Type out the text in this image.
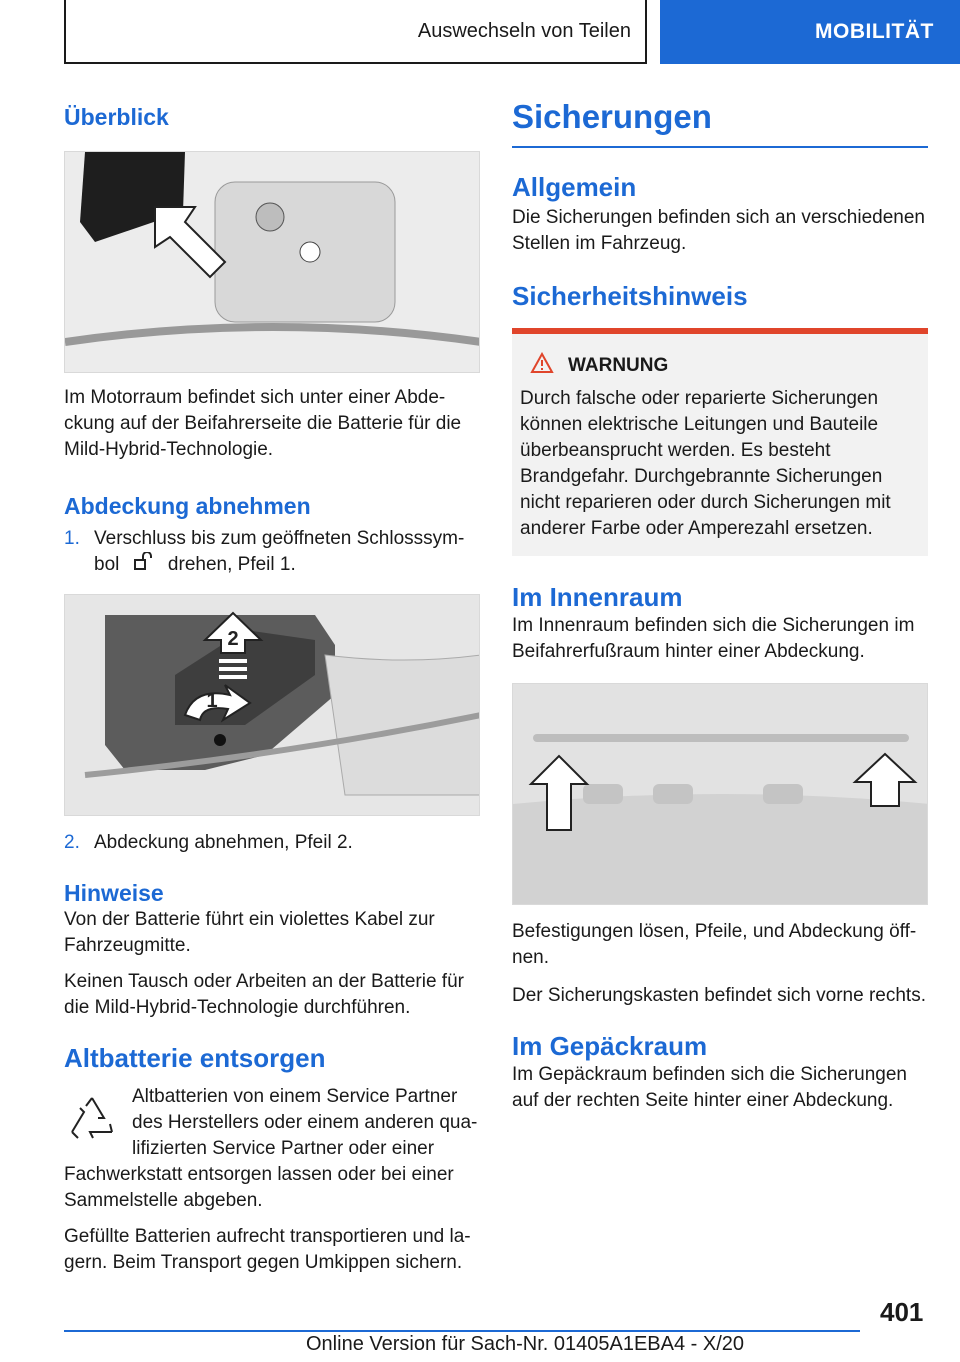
Auswechseln von Teilen	MOBILITÄT
Überblick

Im Motorraum befindet sich unter einer Abdeckung auf der Beifahrerseite die Batterie für die Mild-Hybrid-Technologie.

Abdeckung abnehmen
1. Verschluss bis zum geöffneten Schlosssymbol	drehen, Pfeil 1.
2
1
2. Abdeckung abnehmen, Pfeil 2.
Hinweise

Von der Batterie führt ein violettes Kabel zur Fahrzeugmitte.

Keinen Tausch oder Arbeiten an der Batterie für die Mild-Hybrid-Technologie durchführen.

Altbatterie entsorgen

Altbatterien von einem Service Partner des Herstellers oder einem anderen qualifizierten Service Partner oder einer Fachwerkstatt entsorgen lassen oder bei einer Sammelstelle abgeben.

Gefüllte Batterien aufrecht transportieren und lagern. Beim Transport gegen Umkippen sichern.

Sicherungen
Allgemein

Die Sicherungen befinden sich an verschiedenen Stellen im Fahrzeug.

Sicherheitshinweis
WARNUNG

Durch falsche oder reparierte Sicherungen können elektrische Leitungen und Bauteile überbeansprucht werden. Es besteht Brandgefahr. Durchgebrannte Sicherungen nicht reparieren oder durch Sicherungen mit anderer Farbe oder Amperezahl ersetzen.

Im Innenraum

Im Innenraum befinden sich die Sicherungen im Beifahrerfußraum hinter einer Abdeckung.

Befestigungen lösen, Pfeile, und Abdeckung öffnen.

Der Sicherungskasten befindet sich vorne rechts.

Im Gepäckraum

Im Gepäckraum befinden sich die Sicherungen auf der rechten Seite hinter einer Abdeckung.

401
Online Version für Sach-Nr. 01405A1EBA4 - X/20
